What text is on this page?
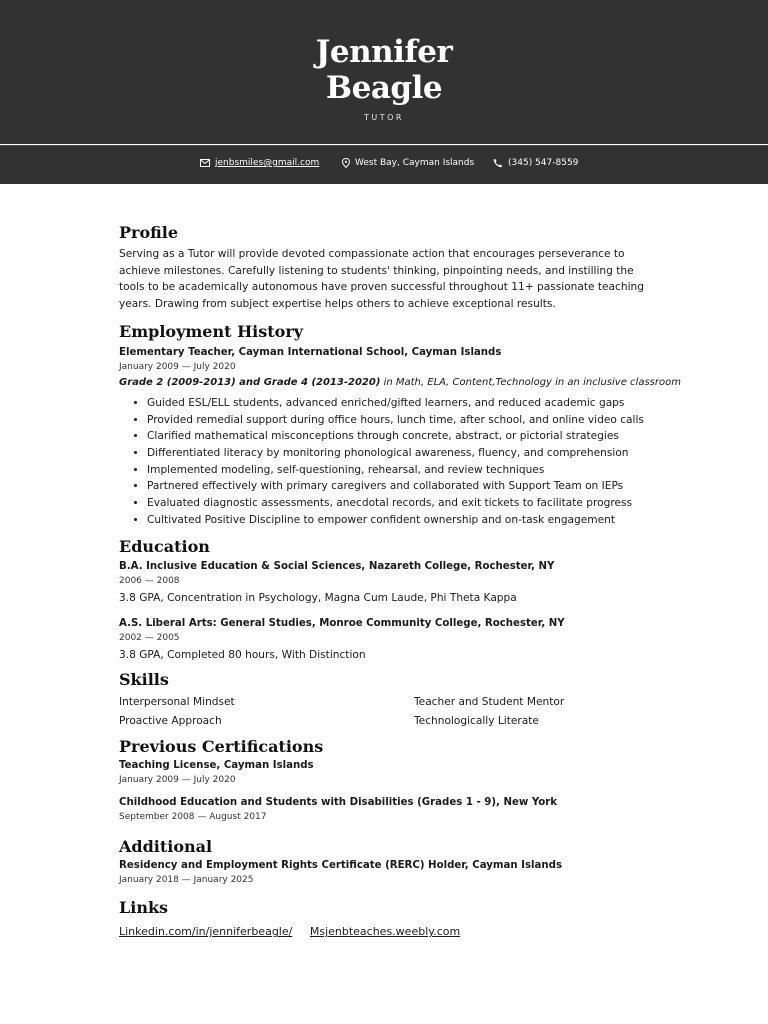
Jennifer
Beagle
TUTOR
jenbsmiles@gmail.com	West Bay, Cayman Islands	(345) 547-8559
Profile

Serving as a Tutor will provide devoted compassionate action that encourages perseverance to
achieve milestones. Carefully listening to students' thinking, pinpointing needs, and instilling the
tools to be academically autonomous have proven successful throughout 11+ passionate teaching
years. Drawing from subject expertise helps others to achieve exceptional results.

Employment History

Elementary Teacher, Cayman International School, Cayman Islands

January 2009 — July 2020

Grade 2 (2009-2013) and Grade 4 (2013-2020) in Math, ELA, Content,Technology in an inclusive classroom

• Guided ESL/ELL students, advanced enriched/gifted learners, and reduced academic gaps
• Provided remedial support during office hours, lunch time, after school, and online video calls
• Clarified mathematical misconceptions through concrete, abstract, or pictorial strategies
• Differentiated literacy by monitoring phonological awareness, fluency, and comprehension
• Implemented modeling, self-questioning, rehearsal, and review techniques
• Partnered effectively with primary caregivers and collaborated with Support Team on IEPs
• Evaluated diagnostic assessments, anecdotal records, and exit tickets to facilitate progress
• Cultivated Positive Discipline to empower confident ownership and on-task engagement
Education

B.A. Inclusive Education & Social Sciences, Nazareth College, Rochester, NY

2006 — 2008

3.8 GPA, Concentration in Psychology, Magna Cum Laude, Phi Theta Kappa

A.S. Liberal Arts: General Studies, Monroe Community College, Rochester, NY

2002 — 2005

3.8 GPA, Completed 80 hours, With Distinction

Skills
Interpersonal Mindset	Teacher and Student Mentor
Proactive Approach	Technologically Literate
Previous Certifications

Teaching License, Cayman Islands

January 2009 — July 2020

Childhood Education and Students with Disabilities (Grades 1 - 9), New York

September 2008 — August 2017

Additional

Residency and Employment Rights Certificate (RERC) Holder, Cayman Islands

January 2018 — January 2025

Links
Linkedin.com/in/jenniferbeagle/ Msjenbteaches.weebly.com
